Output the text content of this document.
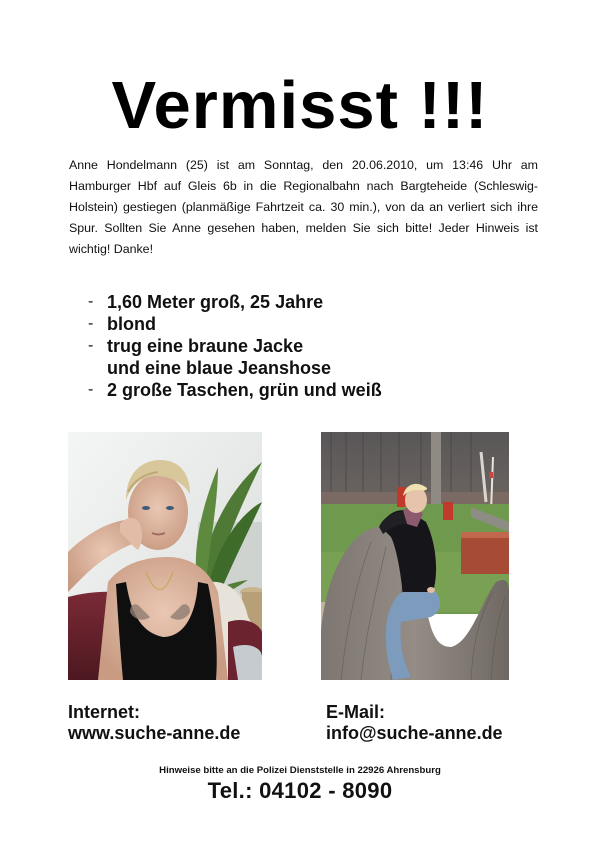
Vermisst !!!

Anne Hondelmann (25) ist am Sonntag, den 20.06.2010, um 13:46 Uhr am Hamburger Hbf auf Gleis 6b in die Regionalbahn nach Bargteheide (Schleswig-Holstein) gestiegen (planmäßige Fahrtzeit ca. 30 min.), von da an verliert sich ihre Spur. Sollten Sie Anne gesehen haben, melden Sie sich bitte! Jeder Hinweis ist wichtig! Danke!

- 1,60 Meter groß, 25 Jahre
- blond
- trug eine braune Jacke
und eine blaue Jeanshose
- 2 große Taschen, grün und weiß
Internet:
www.suche-anne.de
E-Mail:
info@suche-anne.de
Hinweise bitte an die Polizei Dienststelle in 22926 Ahrensburg
Tel.: 04102 - 8090
